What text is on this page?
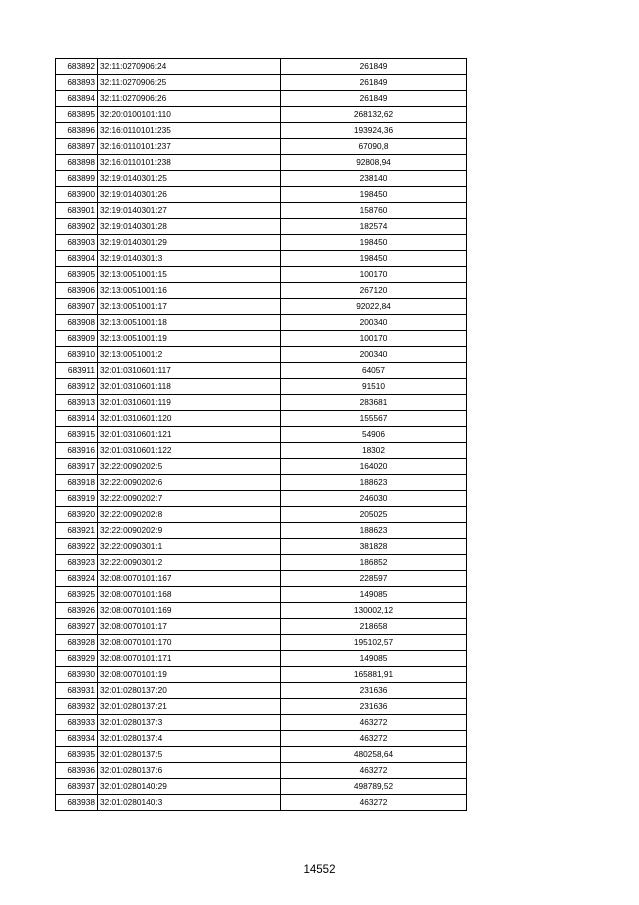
683892	32:11:0270906:24	261849
683893	32:11:0270906:25	261849
683894	32:11:0270906:26	261849
683895	32:20:0100101:110	268132,62
683896	32:16:0110101:235	193924,36
683897	32:16:0110101:237	67090,8
683898	32:16:0110101:238	92808,94
683899	32:19:0140301:25	238140
683900	32:19:0140301:26	198450
683901	32:19:0140301:27	158760
683902	32:19:0140301:28	182574
683903	32:19:0140301:29	198450
683904	32:19:0140301:3	198450
683905	32:13:0051001:15	100170
683906	32:13:0051001:16	267120
683907	32:13:0051001:17	92022,84
683908	32:13:0051001:18	200340
683909	32:13:0051001:19	100170
683910	32:13:0051001:2	200340
683911	32:01:0310601:117	64057
683912	32:01:0310601:118	91510
683913	32:01:0310601:119	283681
683914	32:01:0310601:120	155567
683915	32:01:0310601:121	54906
683916	32:01:0310601:122	18302
683917	32:22:0090202:5	164020
683918	32:22:0090202:6	188623
683919	32:22:0090202:7	246030
683920	32:22:0090202:8	205025
683921	32:22:0090202:9	188623
683922	32:22:0090301:1	381828
683923	32:22:0090301:2	186852
683924	32:08:0070101:167	228597
683925	32:08:0070101:168	149085
683926	32:08:0070101:169	130002,12
683927	32:08:0070101:17	218658
683928	32:08:0070101:170	195102,57
683929	32:08:0070101:171	149085
683930	32:08:0070101:19	165881,91
683931	32:01:0280137:20	231636
683932	32:01:0280137:21	231636
683933	32:01:0280137:3	463272
683934	32:01:0280137:4	463272
683935	32:01:0280137:5	480258,64
683936	32:01:0280137:6	463272
683937	32:01:0280140:29	498789,52
683938	32:01:0280140:3	463272
14552
